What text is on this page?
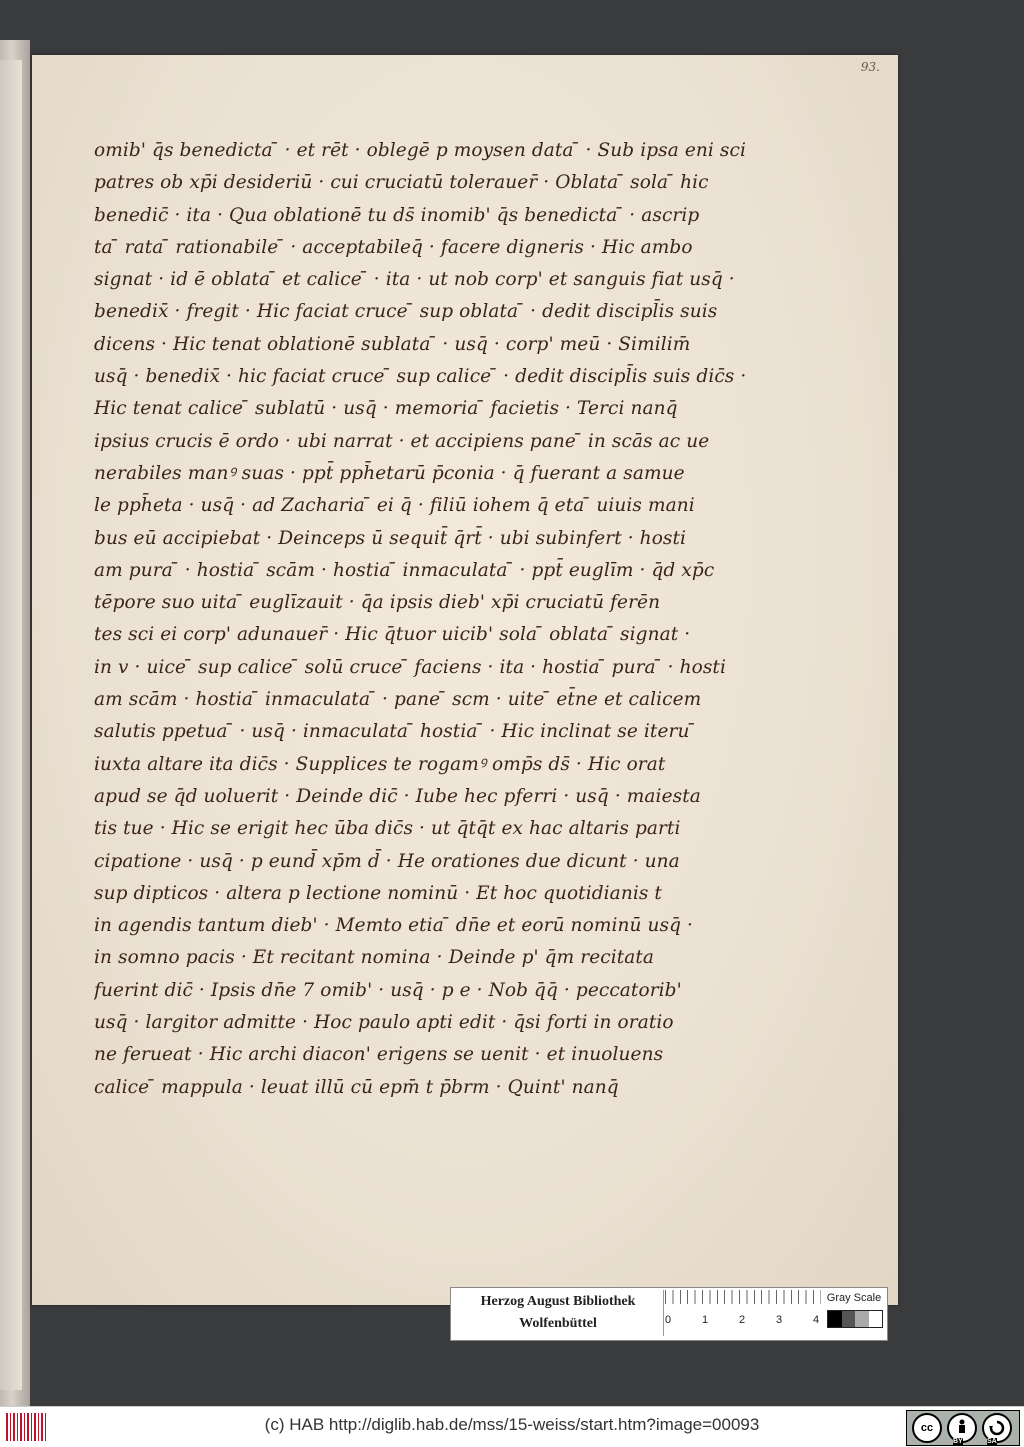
93.
omib' q̄s benedicta ̄ · et rēt · oblegē p moysen data ̄ · Sub ipsa eni sci
patres ob xp̄i desideriū · cui cruciatū tolerauer̄ · Oblata ̄ sola ̄ hic
benedic̄ · ita · Qua oblationē tu ds̄ inomib' q̄s benedicta ̄ · ascrip
ta ̄ rata ̄ rationabile ̄ · acceptabileq̄ · facere digneris · Hic ambo
signat · id ē oblata ̄ et calice ̄ · ita · ut nob corp' et sanguis fiat usq̄ ·
benedix̄ · fregit · Hic faciat cruce ̄ sup oblata ̄ · dedit discipl̄is suis
dicens · Hic tenat oblationē sublata ̄ · usq̄ · corp' meū · Similim̄
usq̄ · benedix̄ · hic faciat cruce ̄ sup calice ̄ · dedit discipl̄is suis dic̄s ·
Hic tenat calice ̄ sublatū · usq̄ · memoria ̄ facietis · Terci nanq̄
ipsius crucis ē ordo · ubi narrat · et accipiens pane ̄ in scās ac ue
nerabiles manꝰ suas · ppt̄ pph̄etarū p̄conia · q̄ fuerant a samue
le pph̄eta · usq̄ · ad Zacharia ̄ ei q̄ · filiū iohem q̄ eta ̄ uiuis mani
bus eū accipiebat · Deinceps ū sequit̄ q̄rt̄ · ubi subinfert · hosti
am pura ̄ · hostia ̄ scām · hostia ̄ inmaculata ̄ · ppt̄ euglīm · q̄d xp̄c
tēpore suo uita ̄ euglīzauit · q̄a ipsis dieb' xp̄i cruciatū ferēn
tes sci ei corp' adunauer̄ · Hic q̄tuor uicib' sola ̄ oblata ̄ signat ·
in v · uice ̄ sup calice ̄ solū cruce ̄ faciens · ita · hostia ̄ pura ̄ · hosti
am scām · hostia ̄ inmaculata ̄ · pane ̄ scm · uite ̄ et̄ne et calicem
salutis ppetua ̄ · usq̄ · inmaculata ̄ hostia ̄ · Hic inclinat se iteru ̄
iuxta altare ita dic̄s · Supplices te rogamꝰ omp̄s ds̄ · Hic orat
apud se q̄d uoluerit · Deinde dic̄ · Iube hec pferri · usq̄ · maiesta
tis tue · Hic se erigit hec ūba dic̄s · ut q̄tq̄t ex hac altaris parti
cipatione · usq̄ · p eund̄ xp̄m d̄ · He orationes due dicunt · una
sup dipticos · altera p lectione nominū · Et hoc quotidianis t
in agendis tantum dieb' · Memto etia ̄ dn̄e et eorū nominū usq̄ ·
in somno pacis · Et recitant nomina · Deinde p' q̄m recitata
fuerint dic̄ · Ipsis dn̄e 7 omib' · usq̄ · p e · Nob q̄q̄ · peccatorib'
usq̄ · largitor admitte · Hoc paulo apti edit · q̄si forti in oratio
ne ferueat · Hic archi diacon' erigens se uenit · et inuoluens
calice ̄ mappula · leuat illū cū epm̄ t p̄brm · Quint' nanq̄
Herzog August Bibliothek
Wolfenbüttel	0	1	2	3	4
Gray Scale
(c) HAB http://diglib.hab.de/mss/15-weiss/start.htm?image=00093	cc
BY	SA
